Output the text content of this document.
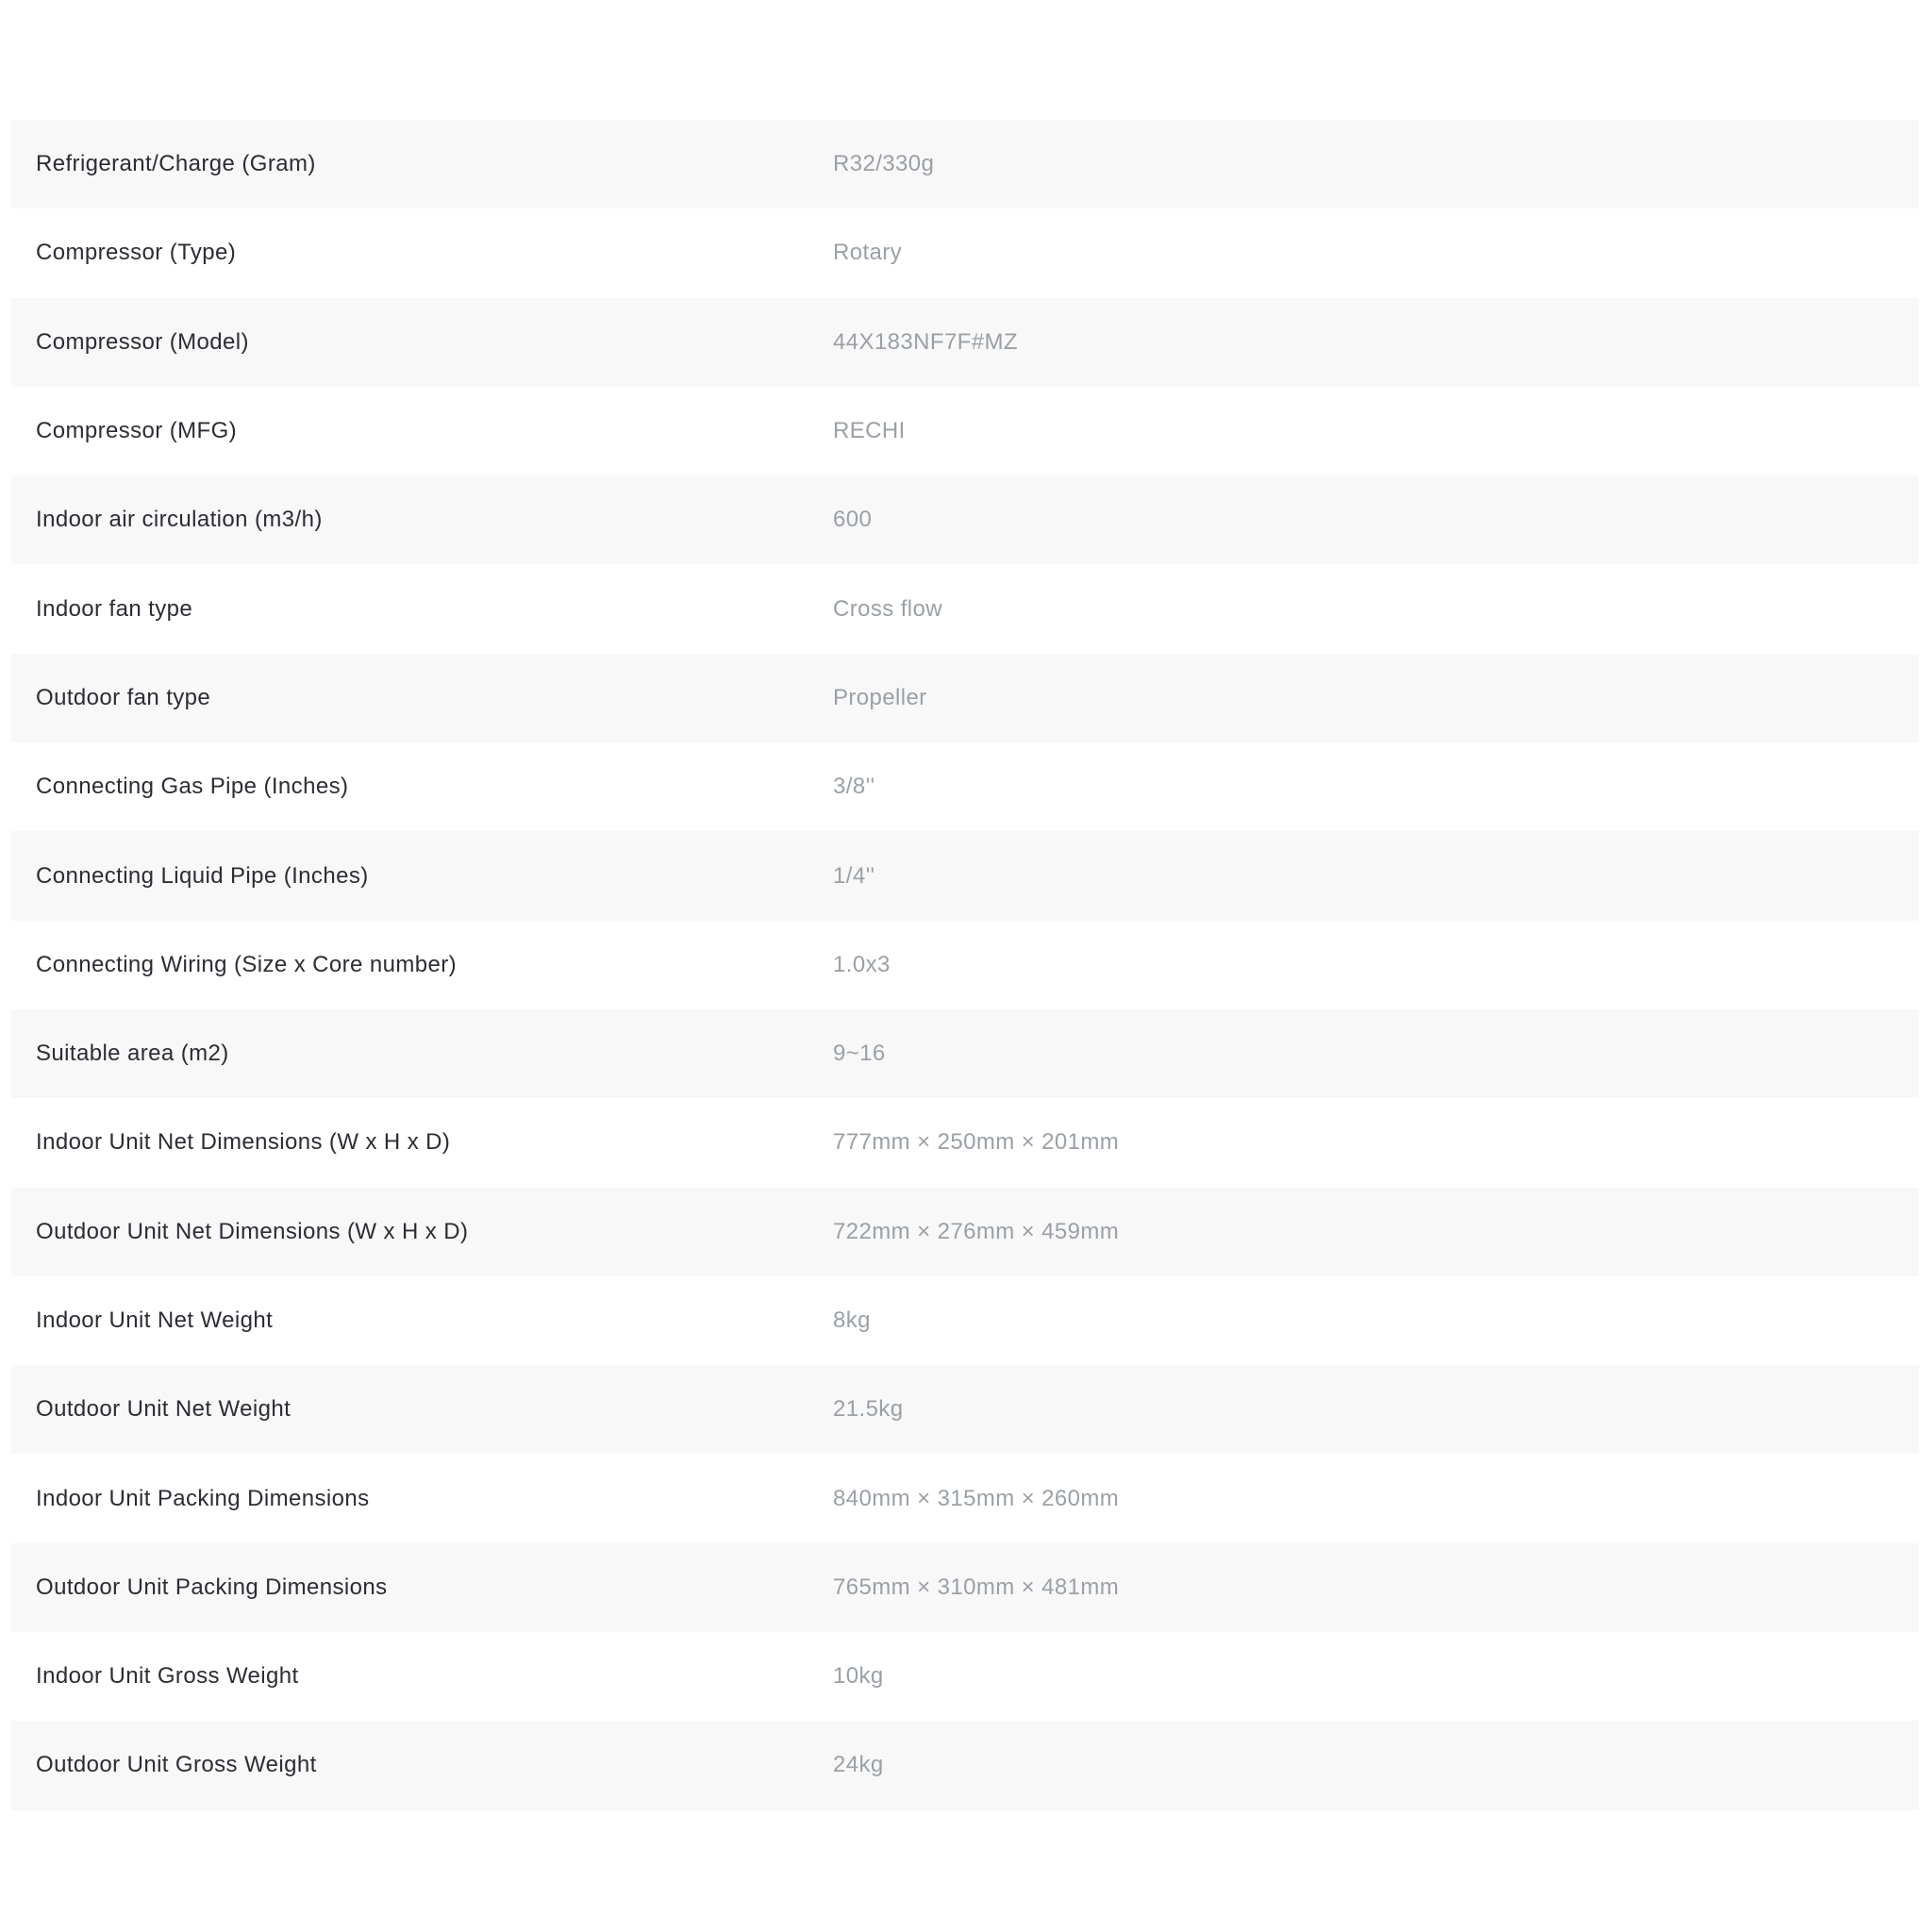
Refrigerant/Charge (Gram)	R32/330g
Compressor (Type)	Rotary
Compressor (Model)	44X183NF7F#MZ
Compressor (MFG)	RECHI
Indoor air circulation (m3/h)	600
Indoor fan type	Cross flow
Outdoor fan type	Propeller
Connecting Gas Pipe (Inches)	3/8''
Connecting Liquid Pipe (Inches)	1/4''
Connecting Wiring (Size x Core number)	1.0x3
Suitable area (m2)	9~16
Indoor Unit Net Dimensions (W x H x D)	777mm × 250mm × 201mm
Outdoor Unit Net Dimensions (W x H x D)	722mm × 276mm × 459mm
Indoor Unit Net Weight	8kg
Outdoor Unit Net Weight	21.5kg
Indoor Unit Packing Dimensions	840mm × 315mm × 260mm
Outdoor Unit Packing Dimensions	765mm × 310mm × 481mm
Indoor Unit Gross Weight	10kg
Outdoor Unit Gross Weight	24kg
